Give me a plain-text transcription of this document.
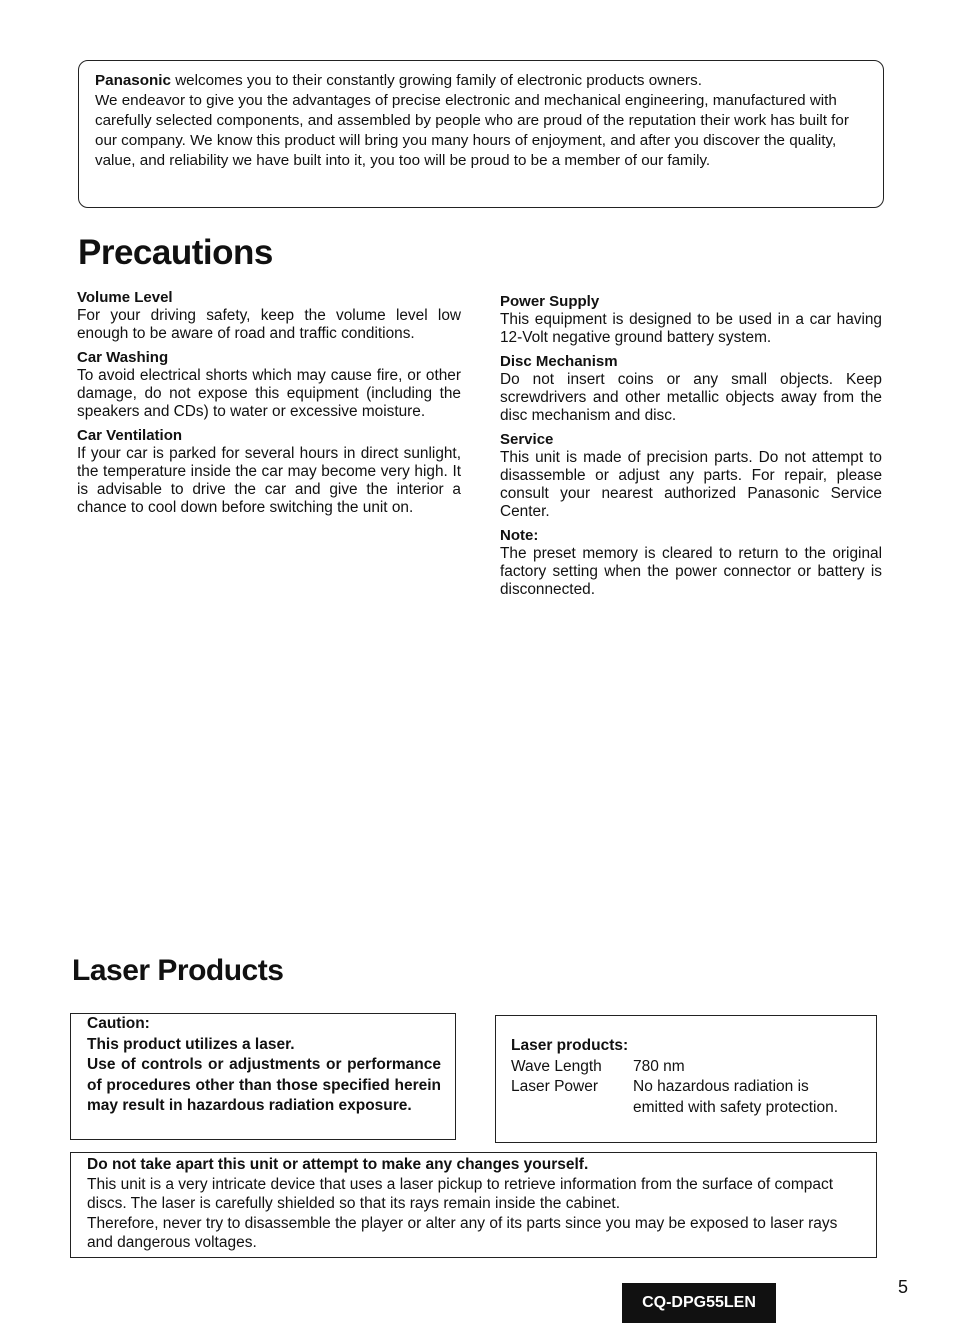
Panasonic welcomes you to their constantly growing family of electronic products owners.
We endeavor to give you the advantages of precise electronic and mechanical engineering, manufactured with carefully selected components, and assembled by people who are proud of the reputation their work has built for our company. We know this product will bring you many hours of enjoyment, and after you discover the quality, value, and reliability we have built into it, you too will be proud to be a member of our family.
Precautions
Volume Level
For your driving safety, keep the volume level low enough to be aware of road and traffic conditions.
Car Washing
To avoid electrical shorts which may cause fire, or other damage, do not expose this equipment (including the speakers and CDs) to water or excessive moisture.
Car Ventilation
If your car is parked for several hours in direct sunlight, the temperature inside the car may become very high. It is advisable to drive the car and give the interior a chance to cool down before switching the unit on.
Power Supply
This equipment is designed to be used in a car having 12-Volt negative ground battery system.
Disc Mechanism
Do not insert coins or any small objects. Keep screwdrivers and other metallic objects away from the disc mechanism and disc.
Service
This unit is made of precision parts. Do not attempt to disassemble or adjust any parts. For repair, please consult your nearest authorized Panasonic Service Center.
Note:
The preset memory is cleared to return to the original factory setting when the power connector or battery is disconnected.
Laser Products
Caution:
This product utilizes a laser.
Use of controls or adjustments or performance of procedures other than those specified herein may result in hazardous radiation exposure.
Laser products:
Wave Length	780 nm
Laser Power	No hazardous radiation is emitted with safety protection.
Do not take apart this unit or attempt to make any changes yourself.
This unit is a very intricate device that uses a laser pickup to retrieve information from the surface of compact discs. The laser is carefully shielded so that its rays remain inside the cabinet.
Therefore, never try to disassemble the player or alter any of its parts since you may be exposed to laser rays and dangerous voltages.
CQ-DPG55LEN
5
